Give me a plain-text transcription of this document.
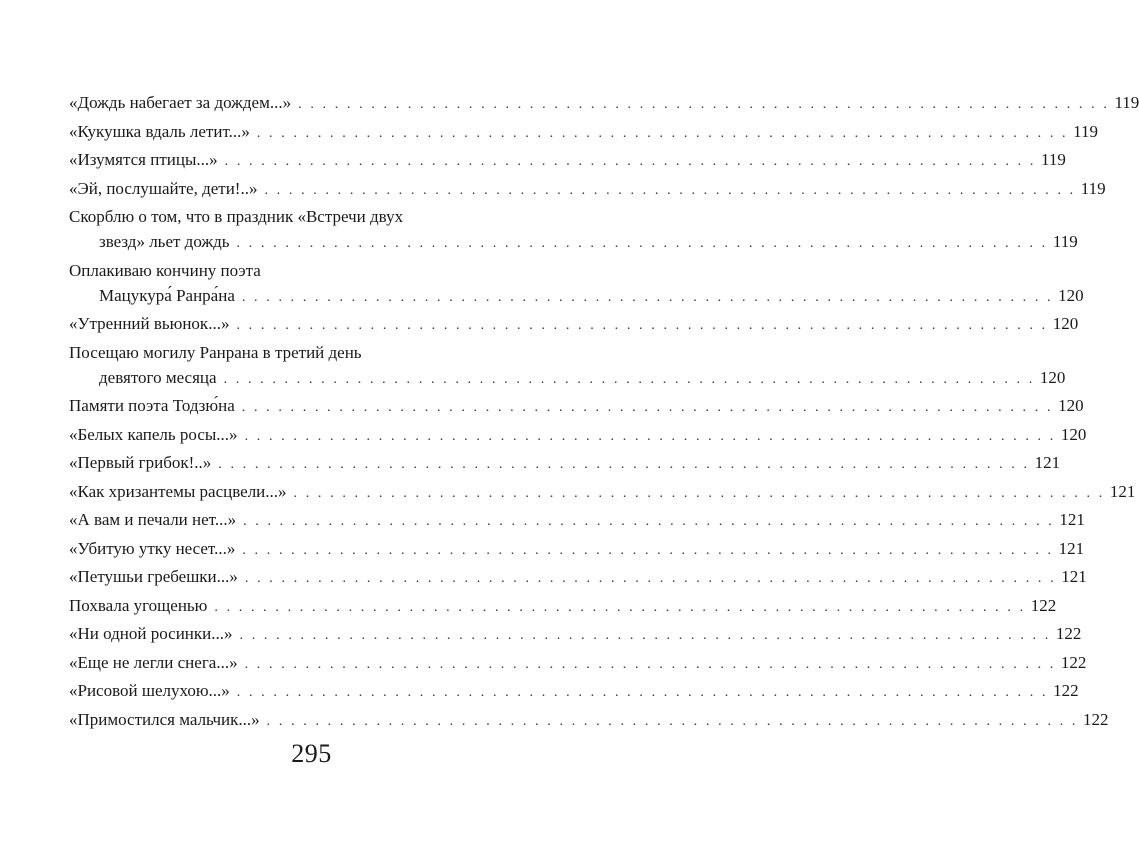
«Дождь набегает за дождем...» . . . . . . . . . . . . . . . . . . . . . . . . . . . . . . . . . . . . . . . . . . . . . . . . . . . . . . . . . . . . . . . . . . . 119
«Кукушка вдаль летит...» . . . . . . . . . . . . . . . . . . . . . . . . . . . . . . . . . . . . . . . . . . . . . . . . . . . . . . . . . . . . . . . . . . . 119
«Изумятся птицы...» . . . . . . . . . . . . . . . . . . . . . . . . . . . . . . . . . . . . . . . . . . . . . . . . . . . . . . . . . . . . . . . . . . . 119
«Эй, послушайте, дети!..» . . . . . . . . . . . . . . . . . . . . . . . . . . . . . . . . . . . . . . . . . . . . . . . . . . . . . . . . . . . . . . . . . . . 119
Скорблю о том, что в праздник «Встречи двух
звезд» льет дождь . . . . . . . . . . . . . . . . . . . . . . . . . . . . . . . . . . . . . . . . . . . . . . . . . . . . . . . . . . . . . . . . . . . 119
Оплакиваю кончину поэта
Мацукура́ Ранра́на . . . . . . . . . . . . . . . . . . . . . . . . . . . . . . . . . . . . . . . . . . . . . . . . . . . . . . . . . . . . . . . . . . . 120
«Утренний вьюнок...» . . . . . . . . . . . . . . . . . . . . . . . . . . . . . . . . . . . . . . . . . . . . . . . . . . . . . . . . . . . . . . . . . . . 120
Посещаю могилу Ранрана в третий день
девятого месяца . . . . . . . . . . . . . . . . . . . . . . . . . . . . . . . . . . . . . . . . . . . . . . . . . . . . . . . . . . . . . . . . . . . 120
Памяти поэта Тодзю́на . . . . . . . . . . . . . . . . . . . . . . . . . . . . . . . . . . . . . . . . . . . . . . . . . . . . . . . . . . . . . . . . . . . 120
«Белых капель росы...» . . . . . . . . . . . . . . . . . . . . . . . . . . . . . . . . . . . . . . . . . . . . . . . . . . . . . . . . . . . . . . . . . . . 120
«Первый грибок!..» . . . . . . . . . . . . . . . . . . . . . . . . . . . . . . . . . . . . . . . . . . . . . . . . . . . . . . . . . . . . . . . . . . . 121
«Как хризантемы расцвели...» . . . . . . . . . . . . . . . . . . . . . . . . . . . . . . . . . . . . . . . . . . . . . . . . . . . . . . . . . . . . . . . . . . . 121
«А вам и печали нет...» . . . . . . . . . . . . . . . . . . . . . . . . . . . . . . . . . . . . . . . . . . . . . . . . . . . . . . . . . . . . . . . . . . . 121
«Убитую утку несет...» . . . . . . . . . . . . . . . . . . . . . . . . . . . . . . . . . . . . . . . . . . . . . . . . . . . . . . . . . . . . . . . . . . . 121
«Петушьи гребешки...» . . . . . . . . . . . . . . . . . . . . . . . . . . . . . . . . . . . . . . . . . . . . . . . . . . . . . . . . . . . . . . . . . . . 121
Похвала угощенью . . . . . . . . . . . . . . . . . . . . . . . . . . . . . . . . . . . . . . . . . . . . . . . . . . . . . . . . . . . . . . . . . . . 122
«Ни одной росинки...» . . . . . . . . . . . . . . . . . . . . . . . . . . . . . . . . . . . . . . . . . . . . . . . . . . . . . . . . . . . . . . . . . . . 122
«Еще не легли снега...» . . . . . . . . . . . . . . . . . . . . . . . . . . . . . . . . . . . . . . . . . . . . . . . . . . . . . . . . . . . . . . . . . . . 122
«Рисовой шелухою...» . . . . . . . . . . . . . . . . . . . . . . . . . . . . . . . . . . . . . . . . . . . . . . . . . . . . . . . . . . . . . . . . . . . 122
«Примостился мальчик...» . . . . . . . . . . . . . . . . . . . . . . . . . . . . . . . . . . . . . . . . . . . . . . . . . . . . . . . . . . . . . . . . . . . 122
295
